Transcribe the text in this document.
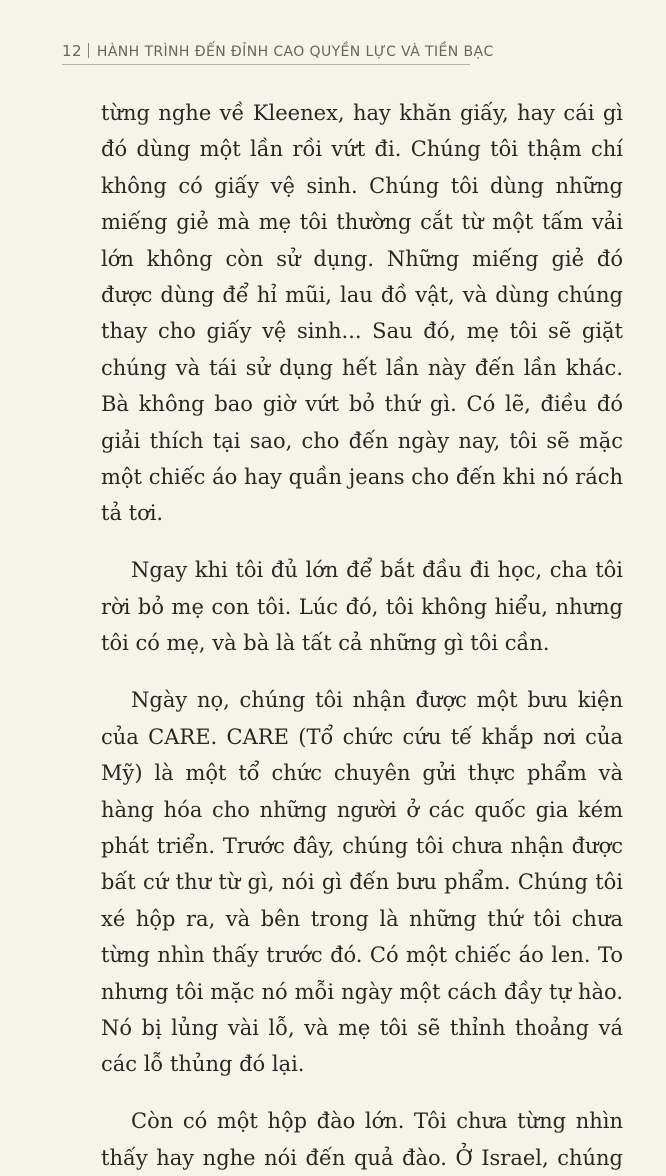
12 HÀNH TRÌNH ĐẾN ĐỈNH CAO QUYỀN LỰC VÀ TIỀN BẠC

từng nghe về Kleenex, hay khăn giấy, hay cái gì đó dùng một lần rồi vứt đi. Chúng tôi thậm chí không có giấy vệ sinh. Chúng tôi dùng những miếng giẻ mà mẹ tôi thường cắt từ một tấm vải lớn không còn sử dụng. Những miếng giẻ đó được dùng để hỉ mũi, lau đồ vật, và dùng chúng thay cho giấy vệ sinh... Sau đó, mẹ tôi sẽ giặt chúng và tái sử dụng hết lần này đến lần khác. Bà không bao giờ vứt bỏ thứ gì. Có lẽ, điều đó giải thích tại sao, cho đến ngày nay, tôi sẽ mặc một chiếc áo hay quần jeans cho đến khi nó rách tả tơi.

Ngay khi tôi đủ lớn để bắt đầu đi học, cha tôi rời bỏ mẹ con tôi. Lúc đó, tôi không hiểu, nhưng tôi có mẹ, và bà là tất cả những gì tôi cần.

Ngày nọ, chúng tôi nhận được một bưu kiện của CARE. CARE (Tổ chức cứu tế khắp nơi của Mỹ) là một tổ chức chuyên gửi thực phẩm và hàng hóa cho những người ở các quốc gia kém phát triển. Trước đây, chúng tôi chưa nhận được bất cứ thư từ gì, nói gì đến bưu phẩm. Chúng tôi xé hộp ra, và bên trong là những thứ tôi chưa từng nhìn thấy trước đó. Có một chiếc áo len. To nhưng tôi mặc nó mỗi ngày một cách đầy tự hào. Nó bị lủng vài lỗ, và mẹ tôi sẽ thỉnh thoảng vá các lỗ thủng đó lại.

Còn có một hộp đào lớn. Tôi chưa từng nhìn thấy hay nghe nói đến quả đào. Ở Israel, chúng
